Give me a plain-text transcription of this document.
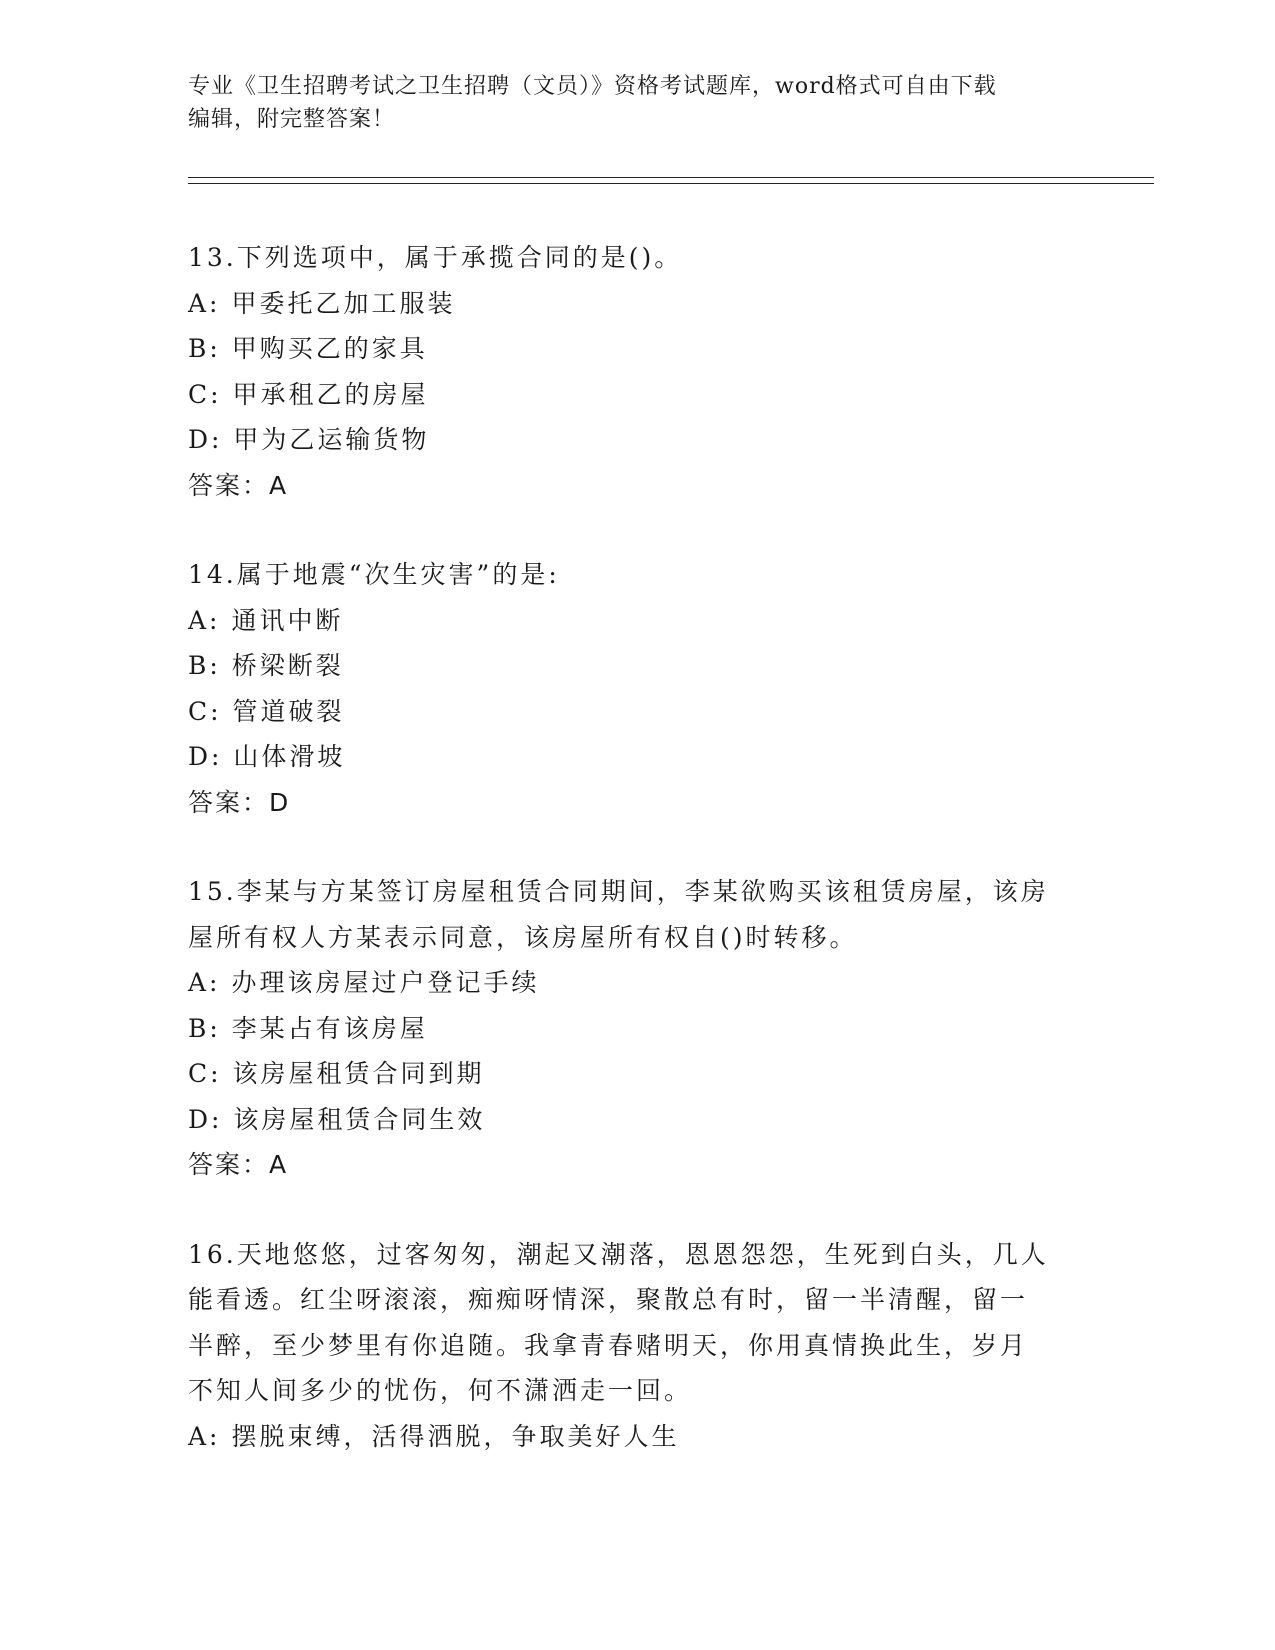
专业《卫生招聘考试之卫生招聘（文员）》资格考试题库，word格式可自由下载
编辑，附完整答案！
13.下列选项中，属于承揽合同的是()。
A: 甲委托乙加工服装
B: 甲购买乙的家具
C: 甲承租乙的房屋
D: 甲为乙运输货物
答案：A
14.属于地震“次生灾害”的是:
A: 通讯中断
B: 桥梁断裂
C: 管道破裂
D: 山体滑坡
答案：D
15.李某与方某签订房屋租赁合同期间，李某欲购买该租赁房屋，该房
屋所有权人方某表示同意，该房屋所有权自()时转移。
A: 办理该房屋过户登记手续
B: 李某占有该房屋
C: 该房屋租赁合同到期
D: 该房屋租赁合同生效
答案：A
16.天地悠悠，过客匆匆，潮起又潮落，恩恩怨怨，生死到白头，几人
能看透。红尘呀滚滚，痴痴呀情深，聚散总有时，留一半清醒，留一
半醉，至少梦里有你追随。我拿青春赌明天，你用真情换此生，岁月
不知人间多少的忧伤，何不潇洒走一回。
A: 摆脱束缚，活得洒脱，争取美好人生
